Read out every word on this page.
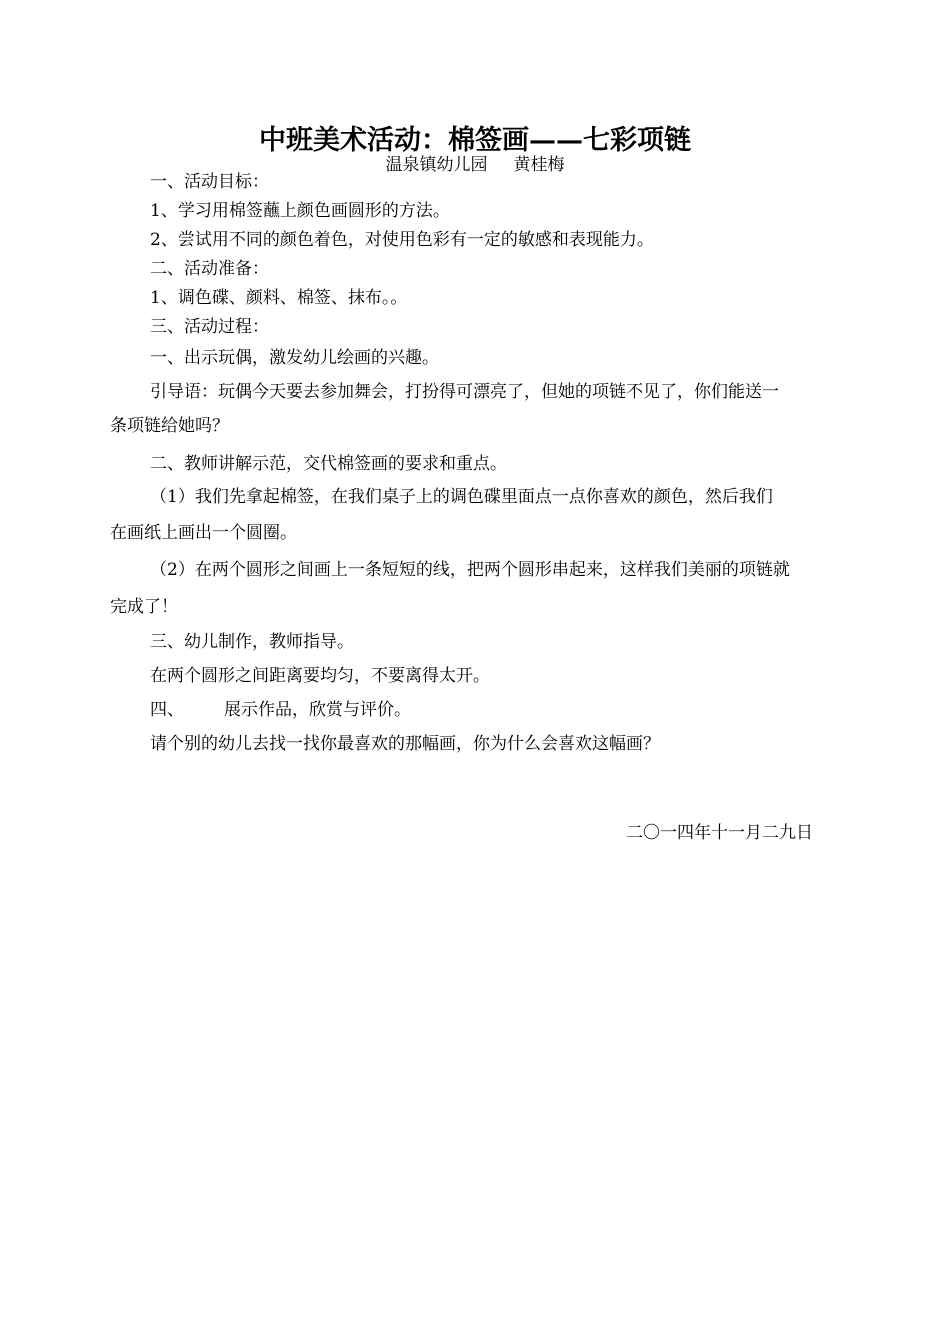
中班美术活动：棉签画——七彩项链
温泉镇幼儿园 黄桂梅
一、活动目标：
1、学习用棉签蘸上颜色画圆形的方法。
2、尝试用不同的颜色着色，对使用色彩有一定的敏感和表现能力。
二、活动准备：
1、调色碟、颜料、棉签、抹布。。
三、活动过程：
一、出示玩偶，激发幼儿绘画的兴趣。
引导语：玩偶今天要去参加舞会，打扮得可漂亮了，但她的项链不见了，你们能送一
条项链给她吗？
二、教师讲解示范，交代棉签画的要求和重点。
（1）我们先拿起棉签，在我们桌子上的调色碟里面点一点你喜欢的颜色，然后我们
在画纸上画出一个圆圈。
（2）在两个圆形之间画上一条短短的线，把两个圆形串起来，这样我们美丽的项链就
完成了！
三、幼儿制作，教师指导。
在两个圆形之间距离要均匀，不要离得太开。
四、 展示作品，欣赏与评价。
请个别的幼儿去找一找你最喜欢的那幅画，你为什么会喜欢这幅画？
二〇一四年十一月二九日
